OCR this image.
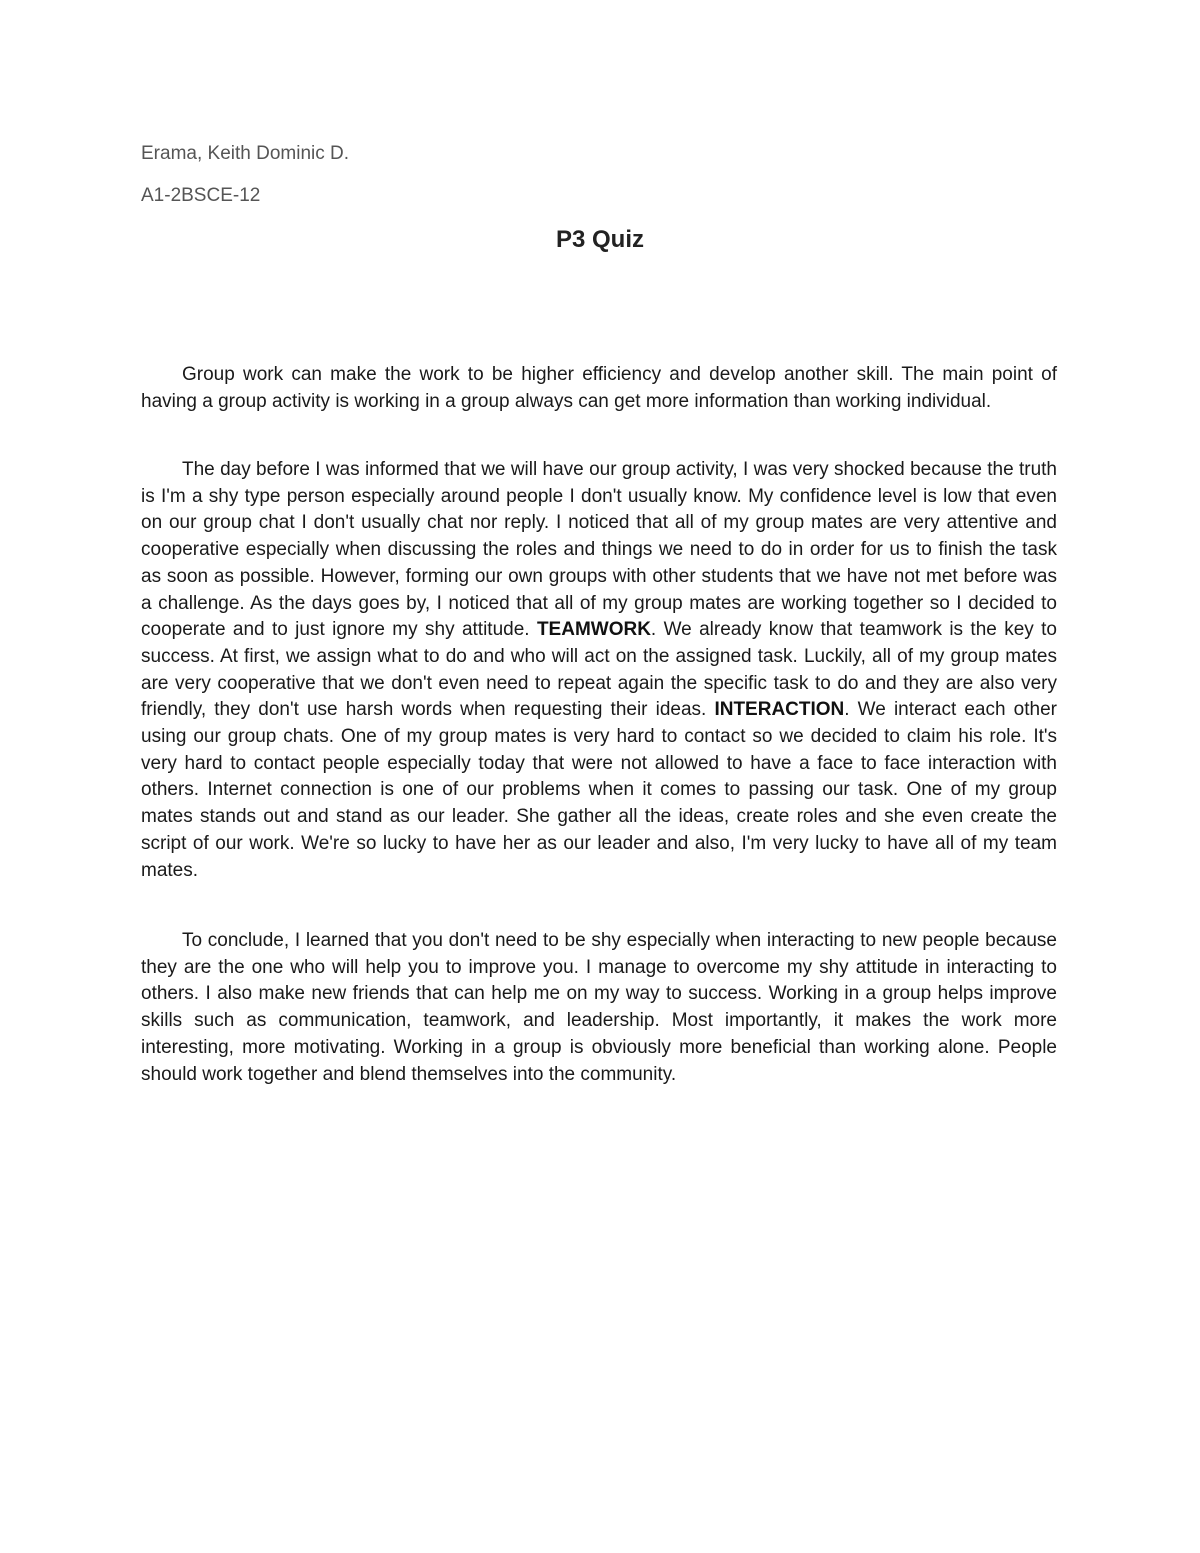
Erama, Keith Dominic D.

A1-2BSCE-12

P3 Quiz

Group work can make the work to be higher efficiency and develop another skill. The main point of having a group activity is working in a group always can get more information than working individual.

The day before I was informed that we will have our group activity, I was very shocked because the truth is I'm a shy type person especially around people I don't usually know. My confidence level is low that even on our group chat I don't usually chat nor reply. I noticed that all of my group mates are very attentive and cooperative especially when discussing the roles and things we need to do in order for us to finish the task as soon as possible. However, forming our own groups with other students that we have not met before was a challenge. As the days goes by, I noticed that all of my group mates are working together so I decided to cooperate and to just ignore my shy attitude. TEAMWORK. We already know that teamwork is the key to success. At first, we assign what to do and who will act on the assigned task. Luckily, all of my group mates are very cooperative that we don't even need to repeat again the specific task to do and they are also very friendly, they don't use harsh words when requesting their ideas. INTERACTION. We interact each other using our group chats. One of my group mates is very hard to contact so we decided to claim his role. It's very hard to contact people especially today that were not allowed to have a face to face interaction with others. Internet connection is one of our problems when it comes to passing our task. One of my group mates stands out and stand as our leader. She gather all the ideas, create roles and she even create the script of our work. We're so lucky to have her as our leader and also, I'm very lucky to have all of my team mates.

To conclude, I learned that you don't need to be shy especially when interacting to new people because they are the one who will help you to improve you. I manage to overcome my shy attitude in interacting to others. I also make new friends that can help me on my way to success. Working in a group helps improve skills such as communication, teamwork, and leadership. Most importantly, it makes the work more interesting, more motivating. Working in a group is obviously more beneficial than working alone. People should work together and blend themselves into the community.
